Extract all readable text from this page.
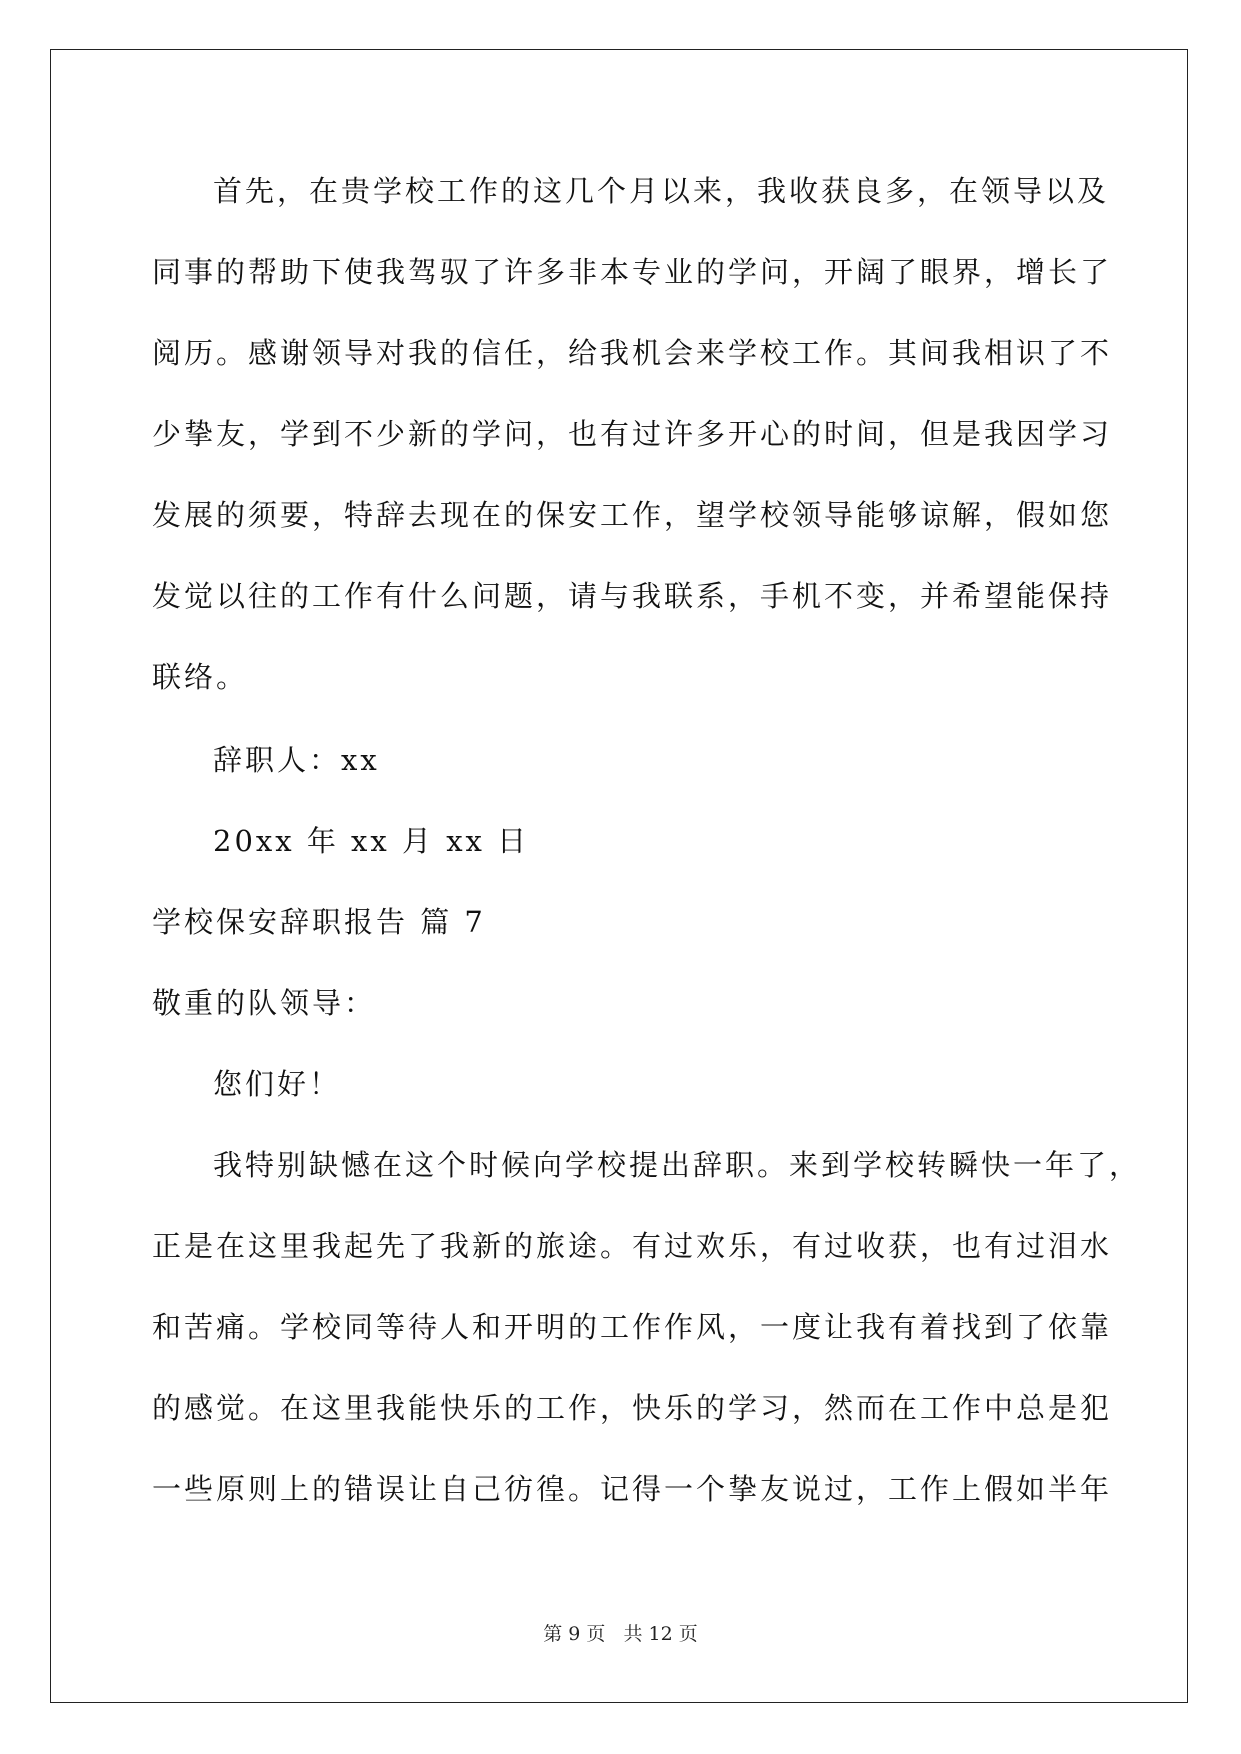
首先，在贵学校工作的这几个月以来，我收获良多，在领导以及
同事的帮助下使我驾驭了许多非本专业的学问，开阔了眼界，增长了
阅历。感谢领导对我的信任，给我机会来学校工作。其间我相识了不
少挚友，学到不少新的学问，也有过许多开心的时间，但是我因学习
发展的须要，特辞去现在的保安工作，望学校领导能够谅解，假如您
发觉以往的工作有什么问题，请与我联系，手机不变，并希望能保持
联络。
辞职人：xx
20xx 年 xx 月 xx 日
学校保安辞职报告 篇 7
敬重的队领导：
您们好！
我特别缺憾在这个时候向学校提出辞职。来到学校转瞬快一年了，
正是在这里我起先了我新的旅途。有过欢乐，有过收获，也有过泪水
和苦痛。学校同等待人和开明的工作作风，一度让我有着找到了依靠
的感觉。在这里我能快乐的工作，快乐的学习，然而在工作中总是犯
一些原则上的错误让自己彷徨。记得一个挚友说过，工作上假如半年
第 9 页 共 12 页
